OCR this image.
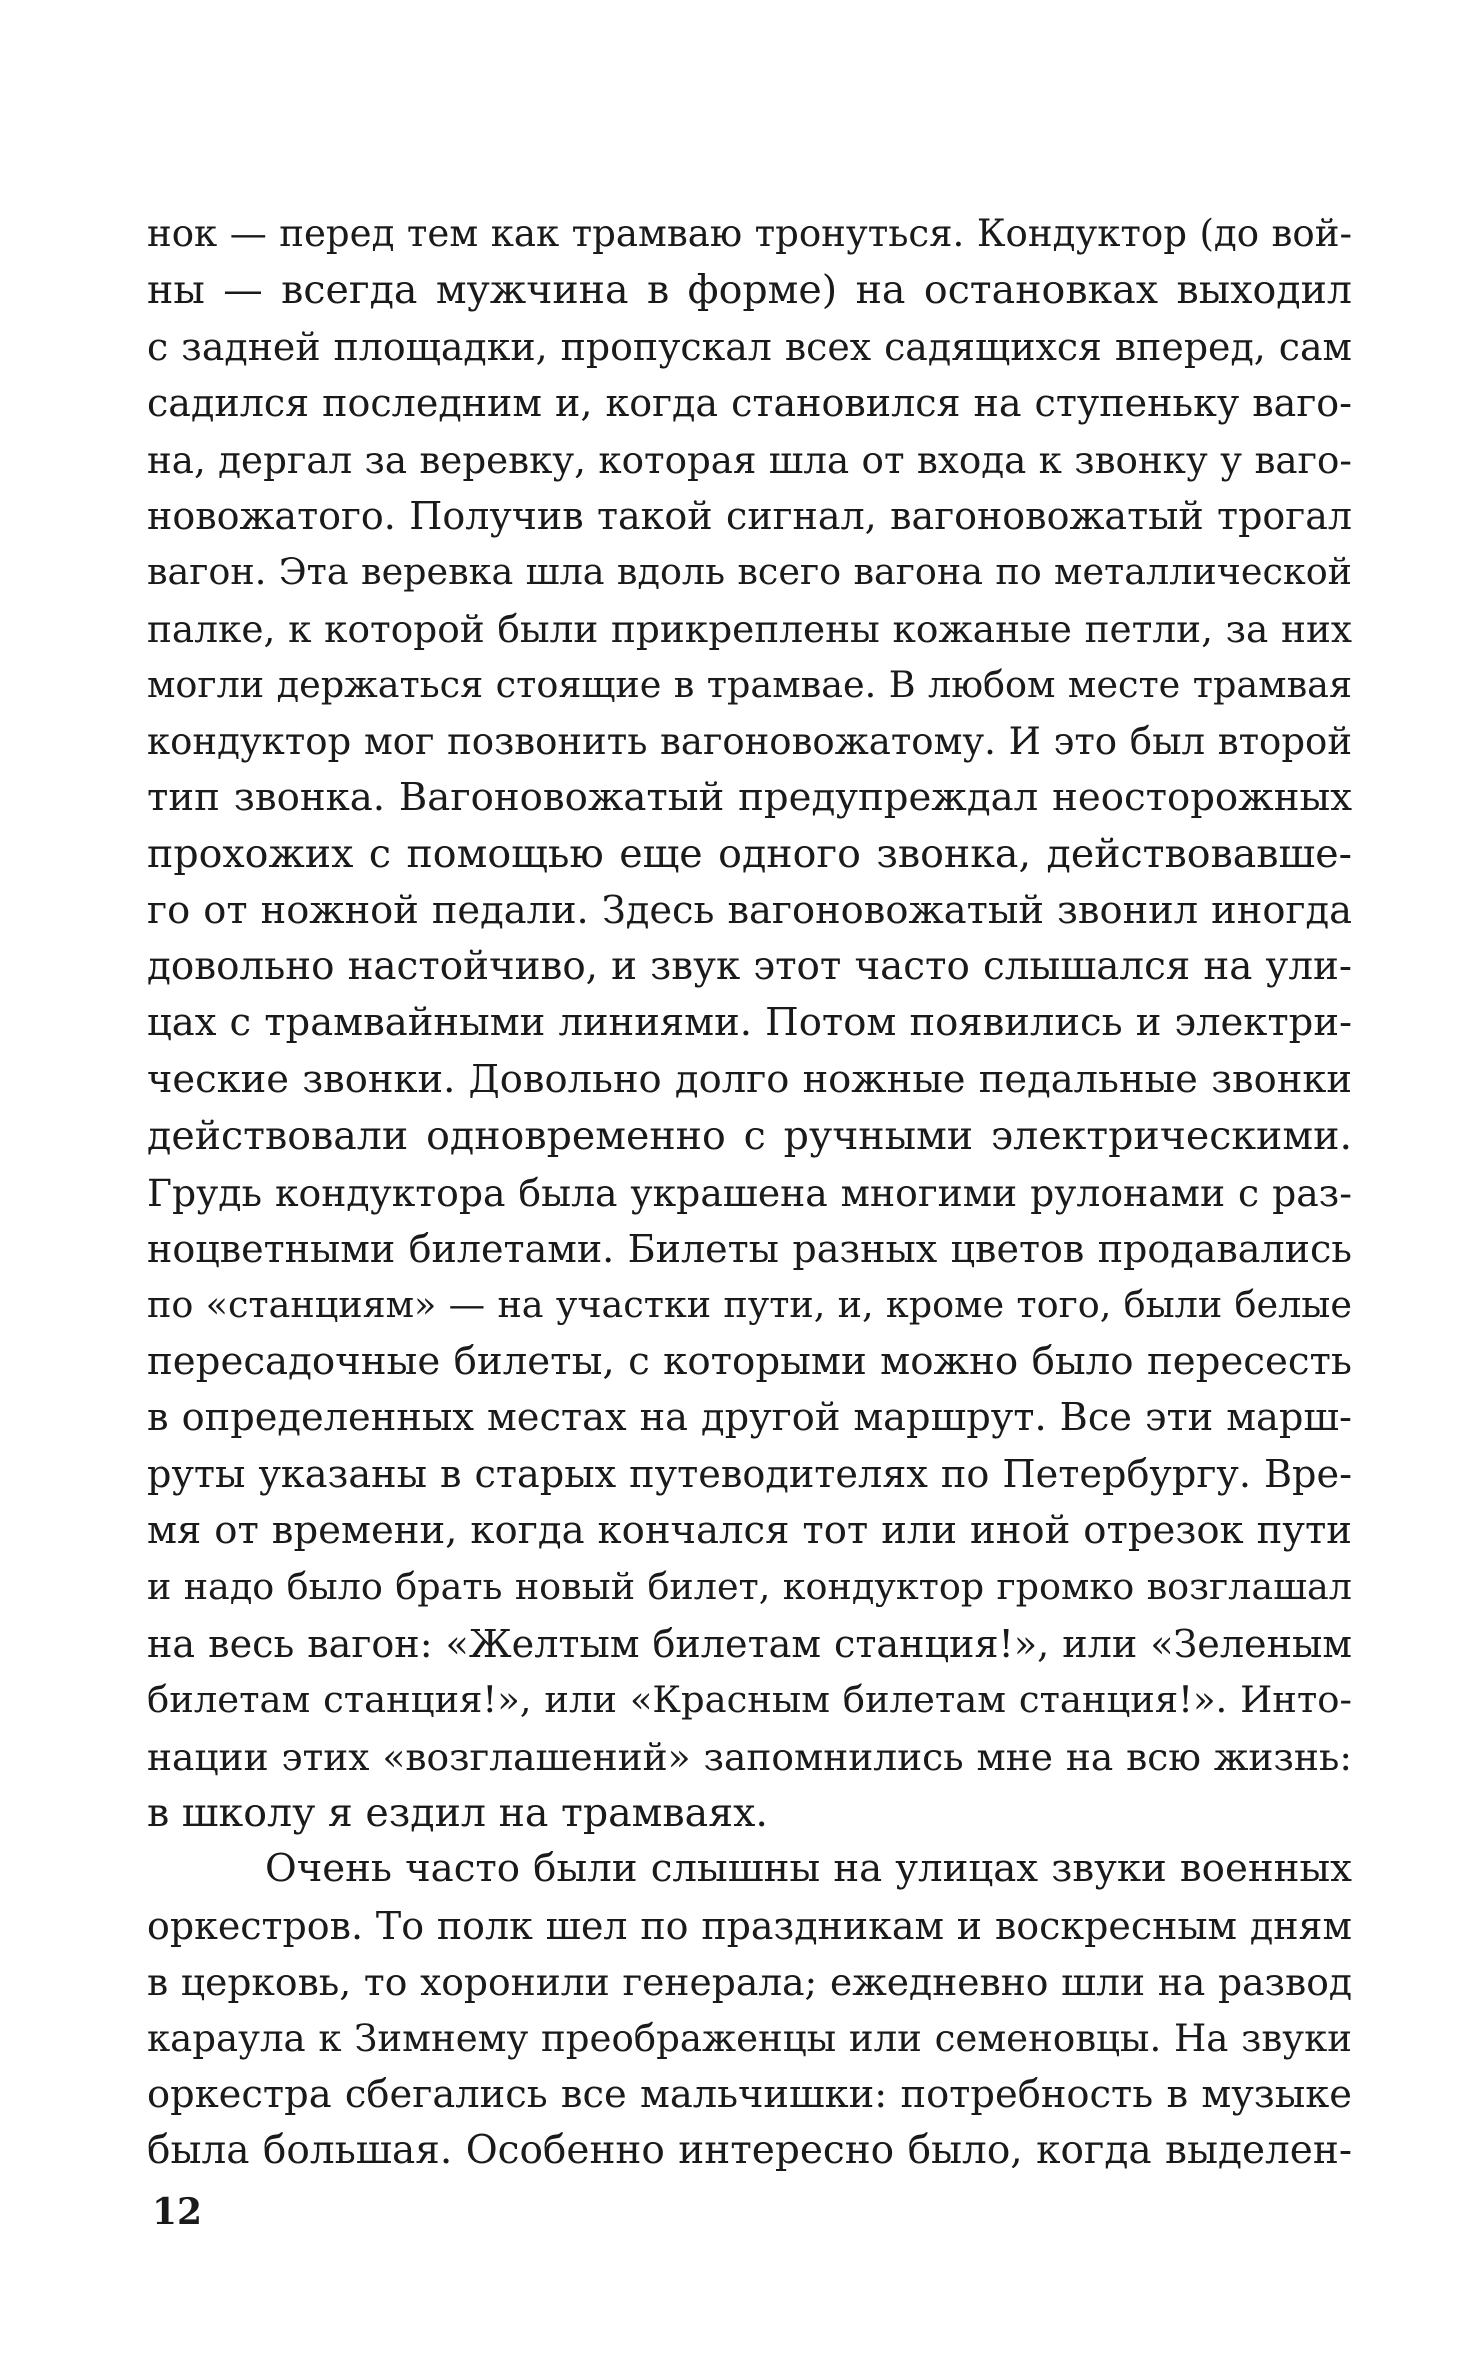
нок — перед тем как трамваю тронуться. Кондуктор (до вой-
ны — всегда мужчина в форме) на остановках выходил
с задней площадки, пропускал всех садящихся вперед, сам
садился последним и, когда становился на ступеньку ваго-
на, дергал за веревку, которая шла от входа к звонку у ваго-
новожатого. Получив такой сигнал, вагоновожатый трогал
вагон. Эта веревка шла вдоль всего вагона по металлической
палке, к которой были прикреплены кожаные петли, за них
могли держаться стоящие в трамвае. В любом месте трамвая
кондуктор мог позвонить вагоновожатому. И это был второй
тип звонка. Вагоновожатый предупреждал неосторожных
прохожих с помощью еще одного звонка, действовавше-
го от ножной педали. Здесь вагоновожатый звонил иногда
довольно настойчиво, и звук этот часто слышался на ули-
цах с трамвайными линиями. Потом появились и электри-
ческие звонки. Довольно долго ножные педальные звонки
действовали одновременно с ручными электрическими.
Грудь кондуктора была украшена многими рулонами с раз-
ноцветными билетами. Билеты разных цветов продавались
по «станциям» — на участки пути, и, кроме того, были белые
пересадочные билеты, с которыми можно было пересесть
в определенных местах на другой маршрут. Все эти марш-
руты указаны в старых путеводителях по Петербургу. Вре-
мя от времени, когда кончался тот или иной отрезок пути
и надо было брать новый билет, кондуктор громко возглашал
на весь вагон: «Желтым билетам станция!», или «Зеленым
билетам станция!», или «Красным билетам станция!». Инто-
нации этих «возглашений» запомнились мне на всю жизнь:
в школу я ездил на трамваях.
Очень часто были слышны на улицах звуки военных
оркестров. То полк шел по праздникам и воскресным дням
в церковь, то хоронили генерала; ежедневно шли на развод
караула к Зимнему преображенцы или семеновцы. На звуки
оркестра сбегались все мальчишки: потребность в музыке
была большая. Особенно интересно было, когда выделен-
12
